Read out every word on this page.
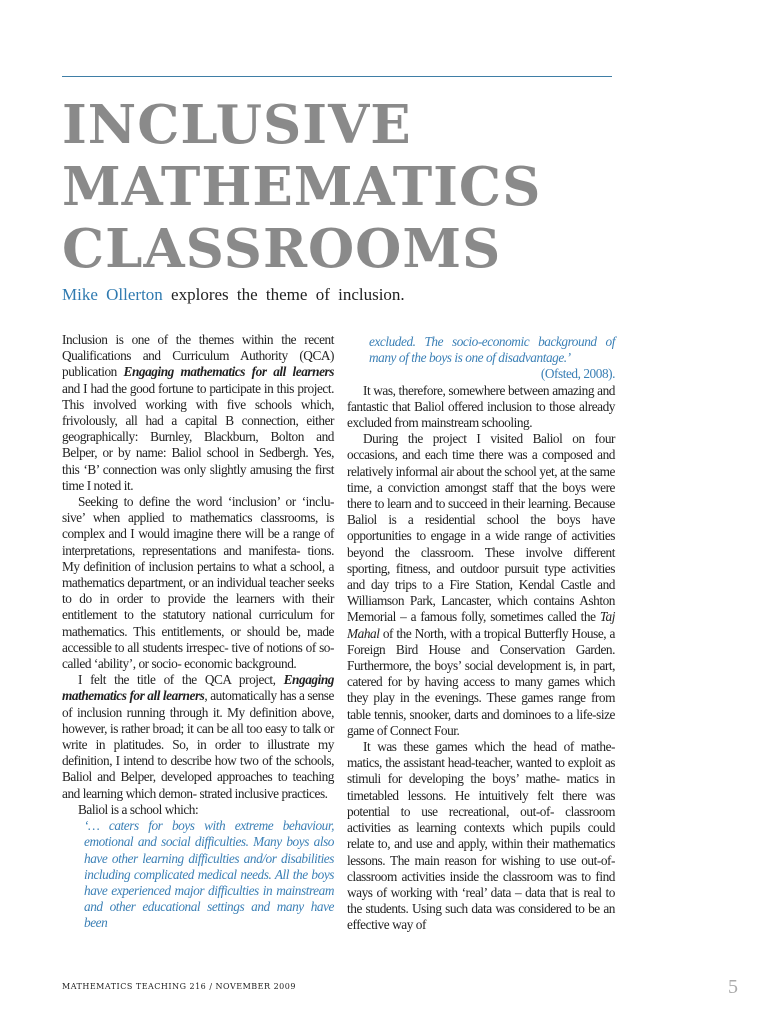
INCLUSIVE
MATHEMATICS
CLASSROOMS
Mike Ollerton explores the theme of inclusion.

Inclusion is one of the themes within the recent Qualifications and Curriculum Authority (QCA) publication Engaging mathematics for all learners and I had the good fortune to participate in this project. This involved working with five schools which, frivolously, all had a capital B connection, either geographically: Burnley, Blackburn, Bolton and Belper, or by name: Baliol school in Sedbergh. Yes, this ‘B’ connection was only slightly amusing the first time I noted it.

Seeking to define the word ‘inclusion’ or ‘inclu- sive’ when applied to mathematics classrooms, is complex and I would imagine there will be a range of interpretations, representations and manifesta- tions. My definition of inclusion pertains to what a school, a mathematics department, or an individual teacher seeks to do in order to provide the learners with their entitlement to the statutory national curriculum for mathematics. This entitlements, or should be, made accessible to all students irrespec- tive of notions of so-called ‘ability’, or socio- economic background.

I felt the title of the QCA project, Engaging mathematics for all learners, automatically has a sense of inclusion running through it. My definition above, however, is rather broad; it can be all too easy to talk or write in platitudes. So, in order to illustrate my definition, I intend to describe how two of the schools, Baliol and Belper, developed approaches to teaching and learning which demon- strated inclusive practices.

Baliol is a school which:

‘… caters for boys with extreme behaviour, emotional and social difficulties. Many boys also have other learning difficulties and/or disabilities including complicated medical needs. All the boys have experienced major difficulties in mainstream and other educational settings and many have been

excluded. The socio-economic background of many of the boys is one of disadvantage.’

(Ofsted, 2008).

It was, therefore, somewhere between amazing and fantastic that Baliol offered inclusion to those already excluded from mainstream schooling.

During the project I visited Baliol on four occasions, and each time there was a composed and relatively informal air about the school yet, at the same time, a conviction amongst staff that the boys were there to learn and to succeed in their learning. Because Baliol is a residential school the boys have opportunities to engage in a wide range of activities beyond the classroom. These involve different sporting, fitness, and outdoor pursuit type activities and day trips to a Fire Station, Kendal Castle and Williamson Park, Lancaster, which contains Ashton Memorial – a famous folly, sometimes called the Taj Mahal of the North, with a tropical Butterfly House, a Foreign Bird House and Conservation Garden. Furthermore, the boys’ social development is, in part, catered for by having access to many games which they play in the evenings. These games range from table tennis, snooker, darts and dominoes to a life-size game of Connect Four.

It was these games which the head of mathe- matics, the assistant head-teacher, wanted to exploit as stimuli for developing the boys’ mathe- matics in timetabled lessons. He intuitively felt there was potential to use recreational, out-of- classroom activities as learning contexts which pupils could relate to, and use and apply, within their mathematics lessons. The main reason for wishing to use out-of-classroom activities inside the classroom was to find ways of working with ‘real’ data – data that is real to the students. Using such data was considered to be an effective way of

MATHEMATICS TEACHING 216 / NOVEMBER 2009	5
